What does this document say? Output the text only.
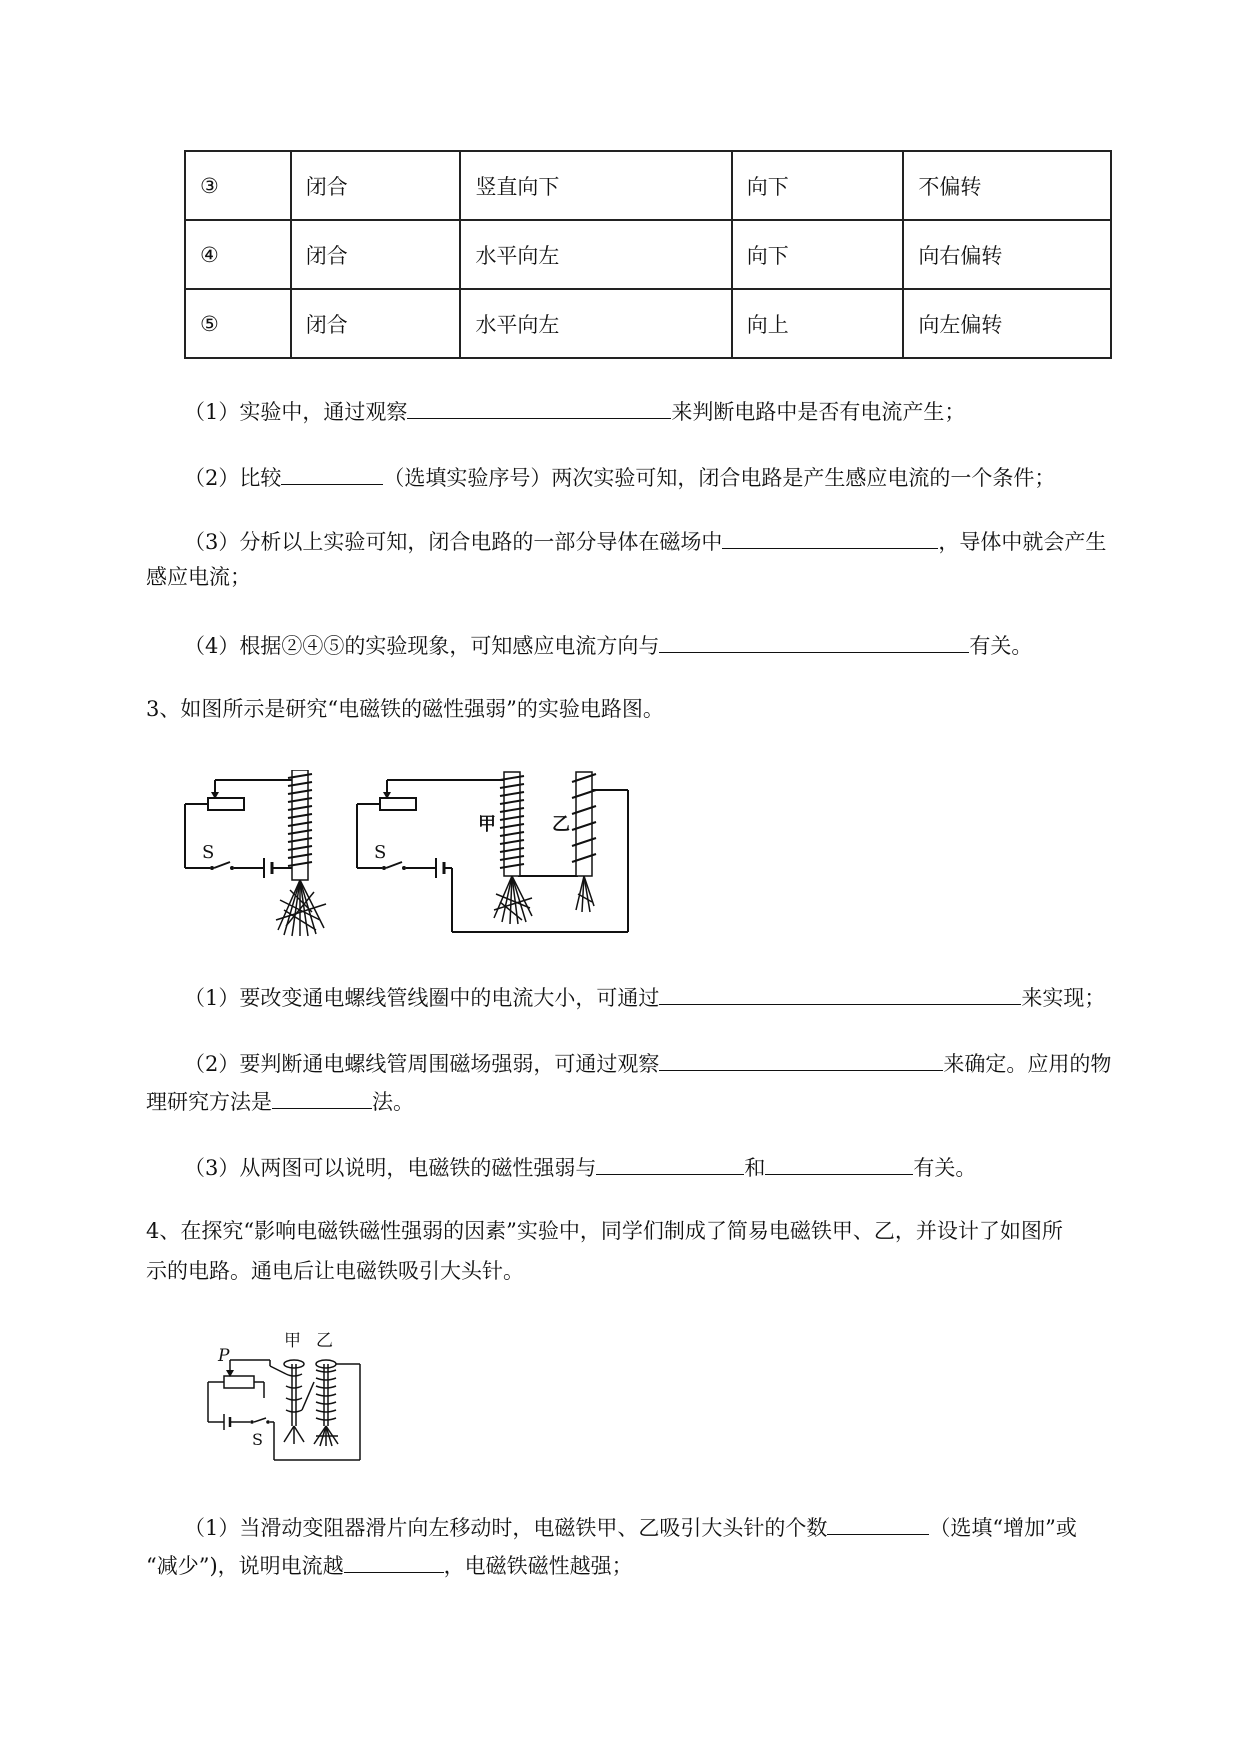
③	闭合	竖直向下	向下	不偏转
④	闭合	水平向左	向下	向右偏转
⑤	闭合	水平向左	向上	向左偏转
（1）实验中，通过观察	来判断电路中是否有电流产生；
（2）比较	（选填实验序号）两次实验可知，闭合电路是产生感应电流的一个条件；
（3）分析以上实验可知，闭合电路的一部分导体在磁场中	，导体中就会产生
感应电流；
（4）根据②④⑤的实验现象，可知感应电流方向与	有关。
3、如图所示是研究“电磁铁的磁性强弱”的实验电路图。
S	S
甲	乙
（1）要改变通电螺线管线圈中的电流大小，可通过	来实现；
（2）要判断通电螺线管周围磁场强弱，可通过观察	来确定。应用的物
理研究方法是	法。
（3）从两图可以说明，电磁铁的磁性强弱与	和	有关。
4、在探究“影响电磁铁磁性强弱的因素”实验中，同学们制成了简易电磁铁甲、乙，并设计了如图所
示的电路。通电后让电磁铁吸引大头针。
P
S
甲 乙
（1）当滑动变阻器滑片向左移动时，电磁铁甲、乙吸引大头针的个数	（选填“增加”或
“减少”)，说明电流越	，电磁铁磁性越强；
